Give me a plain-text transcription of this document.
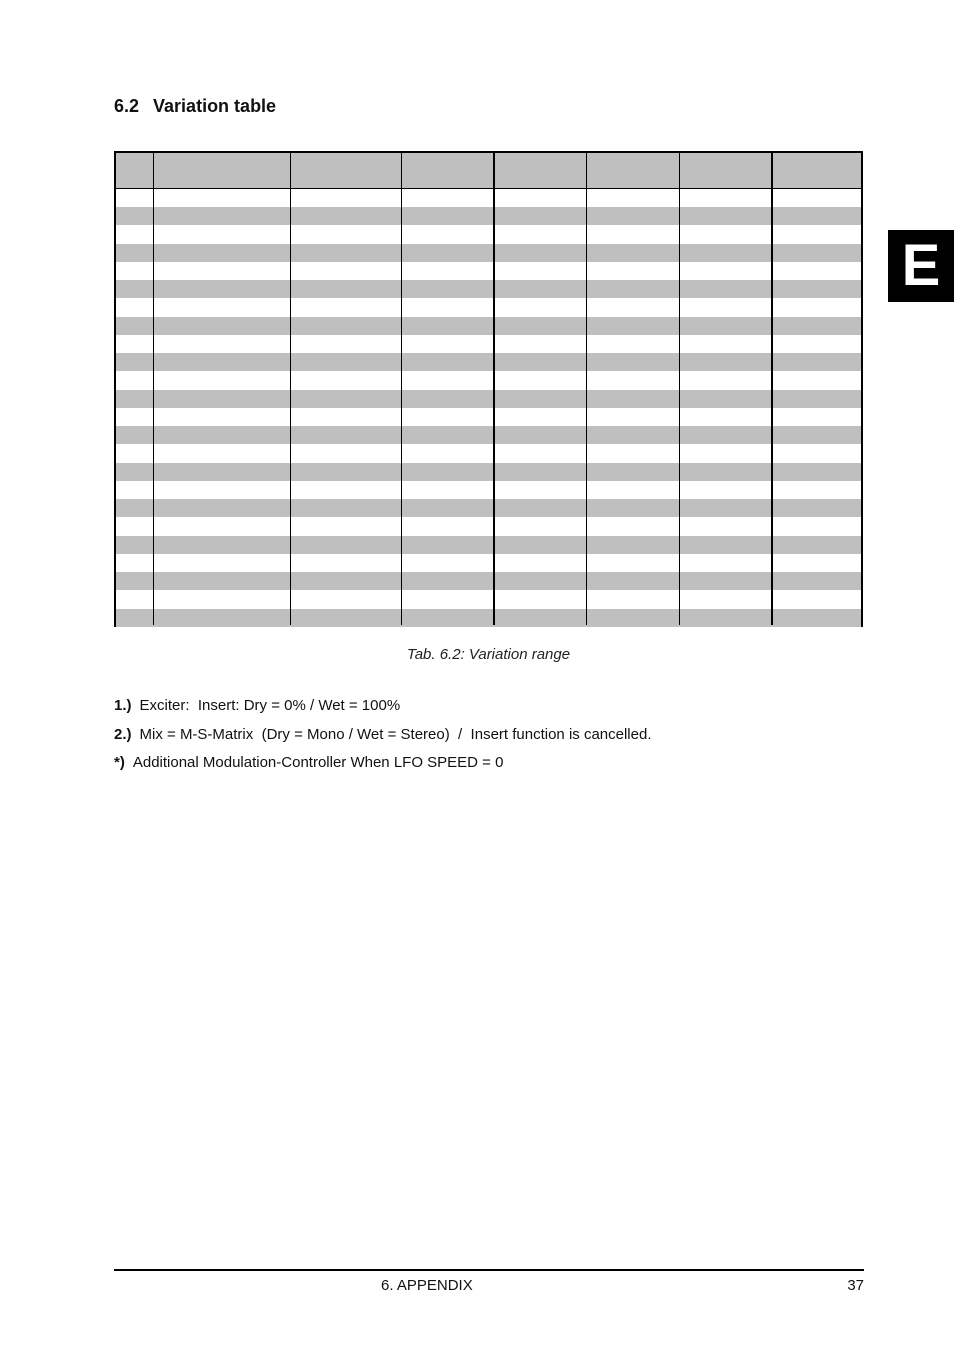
6.2 Variation table
E
Tab. 6.2: Variation range
1.) Exciter:  Insert: Dry = 0% / Wet = 100%
2.) Mix = M-S-Matrix  (Dry = Mono / Wet = Stereo)  /  Insert function is cancelled.
*) Additional Modulation-Controller When LFO SPEED = 0
6. APPENDIX	37
